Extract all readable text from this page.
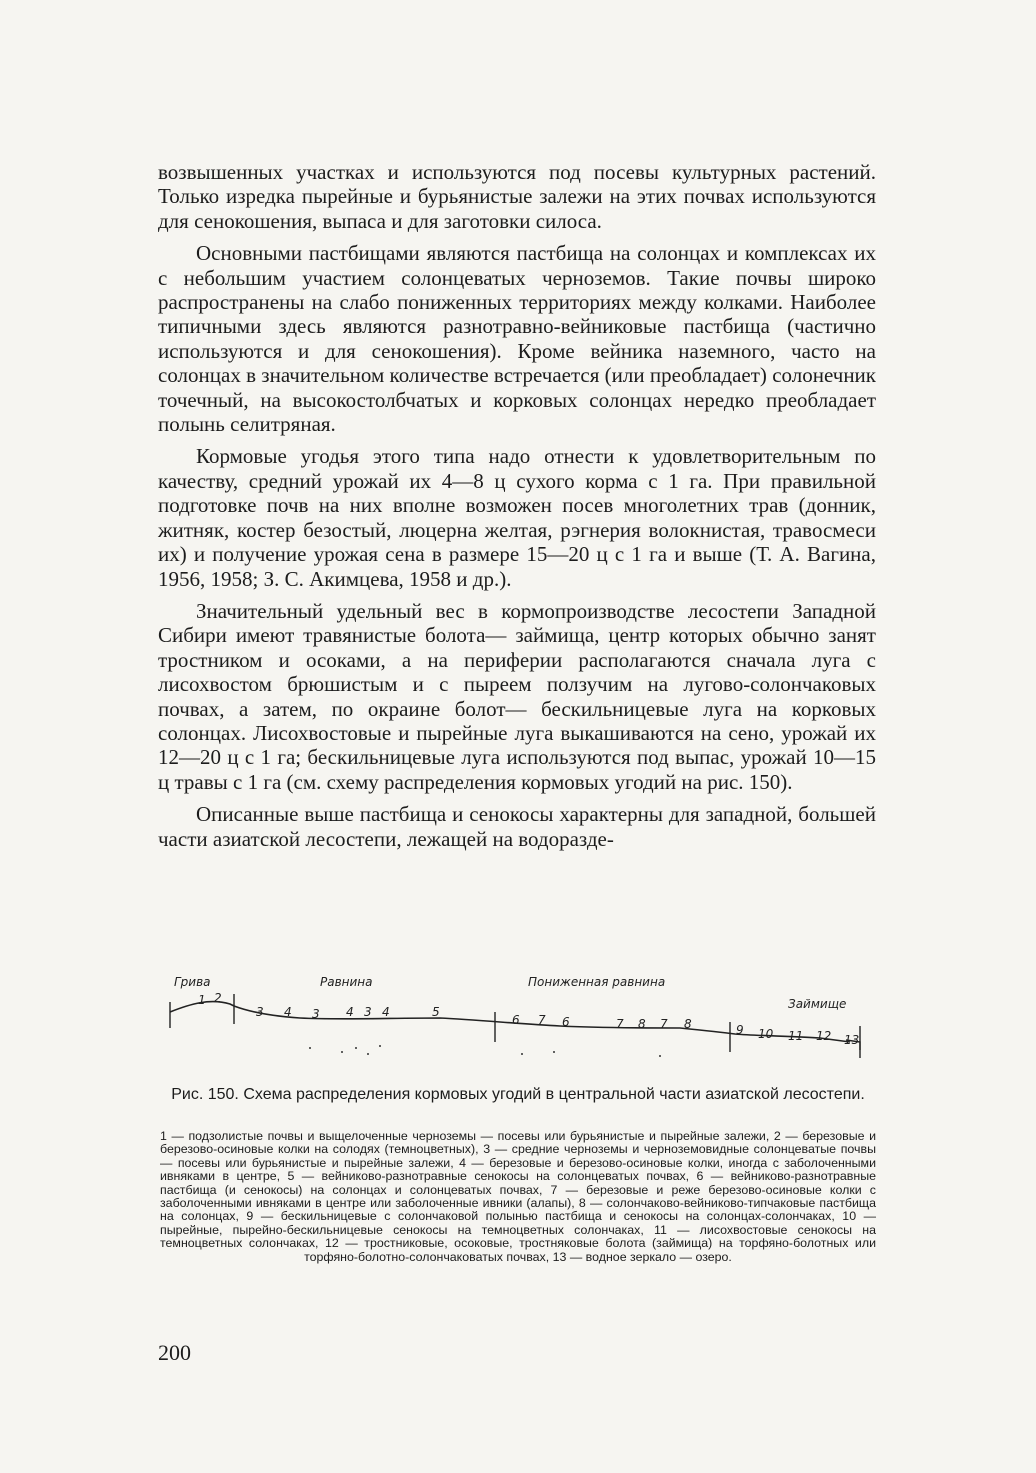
возвышенных участках и используются под посевы культурных растений. Только изредка пырейные и бурьянистые залежи на этих почвах используются для сенокошения, выпаса и для заготовки силоса.

Основными пастбищами являются пастбища на солонцах и комплексах их с небольшим участием солонцеватых черноземов. Такие почвы широко распространены на слабо пониженных территориях между колками. Наиболее типичными здесь являются разнотравно-вейниковые пастбища (частично используются и для сенокошения). Кроме вейника наземного, часто на солонцах в значительном количестве встречается (или преобладает) солонечник точечный, на высокостолбчатых и корковых солонцах нередко преобладает полынь селитряная.

Кормовые угодья этого типа надо отнести к удовлетворительным по качеству, средний урожай их 4—8 ц сухого корма с 1 га. При правильной подготовке почв на них вполне возможен посев многолетних трав (донник, житняк, костер безостый, люцерна желтая, рэгнерия волокнистая, травосмеси их) и получение урожая сена в размере 15—20 ц с 1 га и выше (Т. А. Вагина, 1956, 1958; З. С. Акимцева, 1958 и др.).

Значительный удельный вес в кормопроизводстве лесостепи Западной Сибири имеют травянистые болота— займища, центр которых обычно занят тростником и осоками, а на периферии располагаются сначала луга с лисохвостом брюшистым и с пыреем ползучим на лугово-солончаковых почвах, а затем, по окраине болот— бескильницевые луга на корковых солонцах. Лисохвостовые и пырейные луга выкашиваются на сено, урожай их 12—20 ц с 1 га; бескильницевые луга используются под выпас, урожай 10—15 ц травы с 1 га (см. схему распределения кормовых угодий на рис. 150).

Описанные выше пастбища и сенокосы характерны для западной, большей части азиатской лесостепи, лежащей на водоразде-

Грива	Равнина	Пониженная равнина
Займище
1 2
3 4 3 4 3 4	5
6 7 6	7 8 7 8	9 10 11 12 13
Рис. 150. Схема распределения кормовых угодий в центральной части азиатской лесостепи.
1 — подзолистые почвы и выщелоченные черноземы — посевы или бурьянистые и пырейные залежи, 2 — березовые и березово-осиновые колки на солодях (темноцветных), 3 — средние черноземы и черноземовидные солонцеватые почвы — посевы или бурьянистые и пырейные залежи, 4 — березовые и березово-осиновые колки, иногда с заболоченными ивняками в центре, 5 — вейниково-разнотравные сенокосы на солонцеватых почвах, 6 — вейниково-разнотравные пастбища (и сенокосы) на солонцах и солонцеватых почвах, 7 — березовые и реже березово-осиновые колки с заболоченными ивняками в центре или заболоченные ивники (алапы), 8 — солончаково-вейниково-типчаковые пастбища на солонцах, 9 — бескильницевые с солончаковой полынью пастбища и сенокосы на солонцах-солончаках, 10 — пырейные, пырейно-бескильницевые сенокосы на темноцветных солончаках, 11 — лисохвостовые сенокосы на темноцветных солончаках, 12 — тростниковые, осоковые, тростняковые болота (займища) на торфяно-болотных или торфяно-болотно-солончаковатых почвах, 13 — водное зеркало — озеро.
200
